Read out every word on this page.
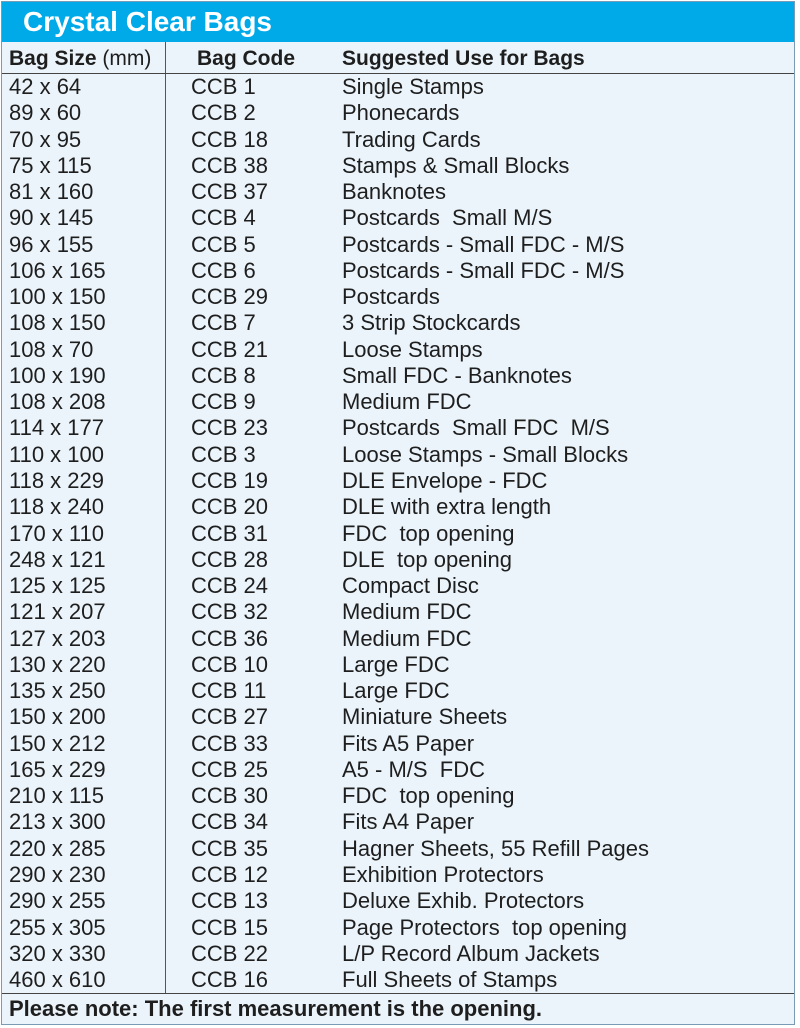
Crystal Clear Bags
Bag Size (mm) Bag Code Suggested Use for Bags
42 x 64	CCB 1	Single Stamps
89 x 60	CCB 2	Phonecards
70 x 95	CCB 18	Trading Cards
75 x 115	CCB 38	Stamps & Small Blocks
81 x 160	CCB 37	Banknotes
90 x 145	CCB 4	Postcards  Small M/S
96 x 155	CCB 5	Postcards - Small FDC - M/S
106 x 165	CCB 6	Postcards - Small FDC - M/S
100 x 150	CCB 29	Postcards
108 x 150	CCB 7	3 Strip Stockcards
108 x 70	CCB 21	Loose Stamps
100 x 190	CCB 8	Small FDC - Banknotes
108 x 208	CCB 9	Medium FDC
114 x 177	CCB 23	Postcards  Small FDC  M/S
110 x 100	CCB 3	Loose Stamps - Small Blocks
118 x 229	CCB 19	DLE Envelope - FDC
118 x 240	CCB 20	DLE with extra length
170 x 110	CCB 31	FDC  top opening
248 x 121	CCB 28	DLE  top opening
125 x 125	CCB 24	Compact Disc
121 x 207	CCB 32	Medium FDC
127 x 203	CCB 36	Medium FDC
130 x 220	CCB 10	Large FDC
135 x 250	CCB 11	Large FDC
150 x 200	CCB 27	Miniature Sheets
150 x 212	CCB 33	Fits A5 Paper
165 x 229	CCB 25	A5 - M/S  FDC
210 x 115	CCB 30	FDC  top opening
213 x 300	CCB 34	Fits A4 Paper
220 x 285	CCB 35	Hagner Sheets, 55 Refill Pages
290 x 230	CCB 12	Exhibition Protectors
290 x 255	CCB 13	Deluxe Exhib. Protectors
255 x 305	CCB 15	Page Protectors  top opening
320 x 330	CCB 22	L/P Record Album Jackets
460 x 610	CCB 16	Full Sheets of Stamps
Please note: The first measurement is the opening.
